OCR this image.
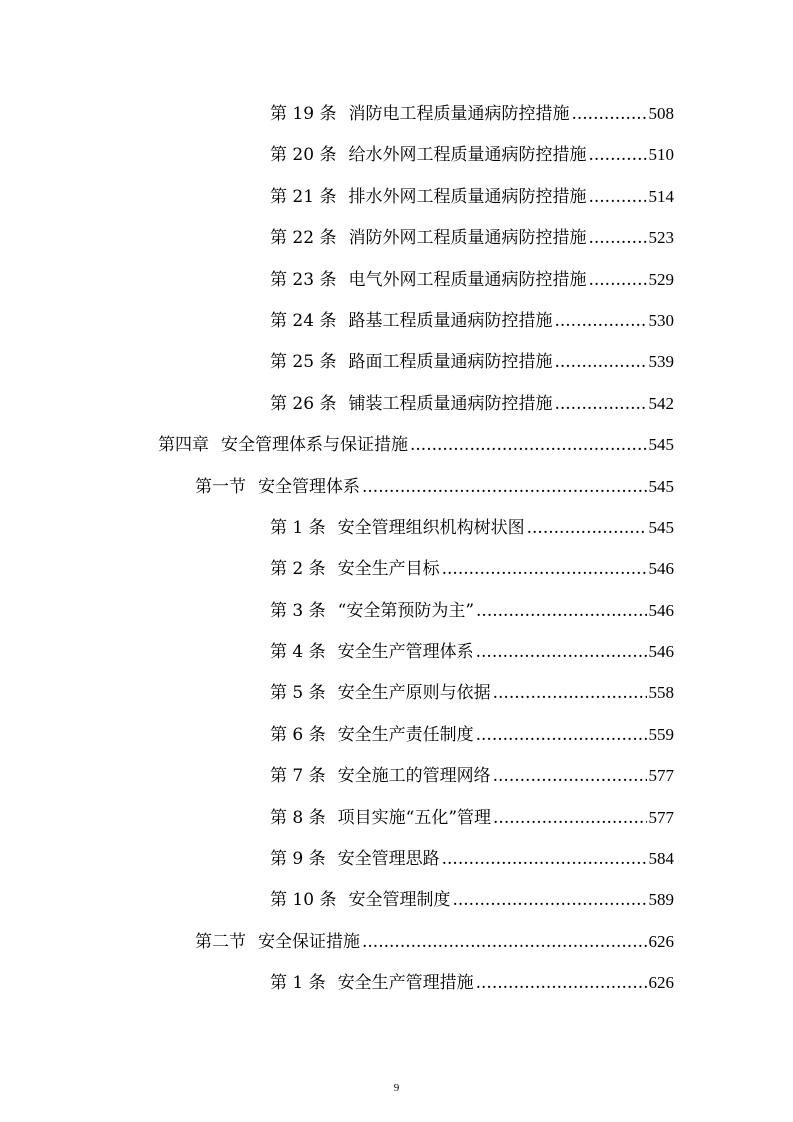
第 19 条 消防电工程质量通病防控措施 .....	508
第 20 条 给水外网工程质量通病防控措施 .....	510
第 21 条 排水外网工程质量通病防控措施 .....	514
第 22 条 消防外网工程质量通病防控措施 .....	523
第 23 条 电气外网工程质量通病防控措施 .....	529
第 24 条 路基工程质量通病防控措施 .....	530
第 25 条 路面工程质量通病防控措施 .....	539
第 26 条 铺装工程质量通病防控措施 .....	542
第四章 安全管理体系与保证措施 .....	545
第一节 安全管理体系 .....	545
第 1 条 安全管理组织机构树状图 .....	545
第 2 条 安全生产目标 .....	546
第 3 条 “安全第预防为主” .....	546
第 4 条 安全生产管理体系 .....	546
第 5 条 安全生产原则与依据 .....	558
第 6 条 安全生产责任制度 .....	559
第 7 条 安全施工的管理网络 .....	577
第 8 条 项目实施“五化”管理 .....	577
第 9 条 安全管理思路 .....	584
第 10 条 安全管理制度 .....	589
第二节 安全保证措施 .....	626
第 1 条 安全生产管理措施 .....	626
9
